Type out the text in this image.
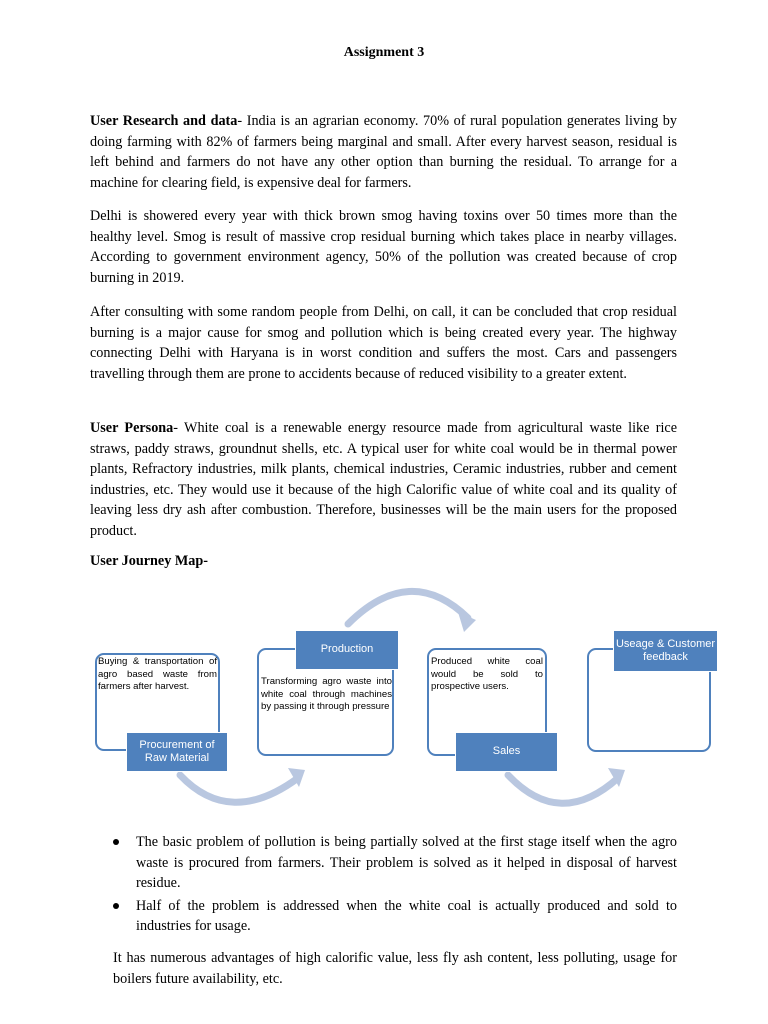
Assignment 3
User Research and data- India is an agrarian economy. 70% of rural population generates living by doing farming with 82% of farmers being marginal and small. After every harvest season, residual is left behind and farmers do not have any other option than burning the residual. To arrange for a machine for clearing field, is expensive deal for farmers.
Delhi is showered every year with thick brown smog having toxins over 50 times more than the healthy level. Smog is result of massive crop residual burning which takes place in nearby villages. According to government environment agency, 50% of the pollution was created because of crop burning in 2019.
After consulting with some random people from Delhi, on call, it can be concluded that crop residual burning is a major cause for smog and pollution which is being created every year. The highway connecting Delhi with Haryana is in worst condition and suffers the most. Cars and passengers travelling through them are prone to accidents because of reduced visibility to a greater extent.
User Persona- White coal is a renewable energy resource made from agricultural waste like rice straws, paddy straws, groundnut shells, etc. A typical user for white coal would be in thermal power plants, Refractory industries, milk plants, chemical industries, Ceramic industries, rubber and cement industries, etc. They would use it because of the high Calorific value of white coal and its quality of leaving less dry ash after combustion. Therefore, businesses will be the main users for the proposed product.
User Journey Map-
Buying & transportation of agro based waste from farmers after harvest.
Procurement of Raw Material
Transforming agro waste into white coal through machines by passing it through pressure
Production
Produced white coal would be sold to prospective users.
Sales
Useage & Customer feedback
The basic problem of pollution is being partially solved at the first stage itself when the agro waste is procured from farmers. Their problem is solved as it helped in disposal of harvest residue.
Half of the problem is addressed when the white coal is actually produced and sold to industries for usage.
It has numerous advantages of high calorific value, less fly ash content, less polluting, usage for boilers future availability, etc.
